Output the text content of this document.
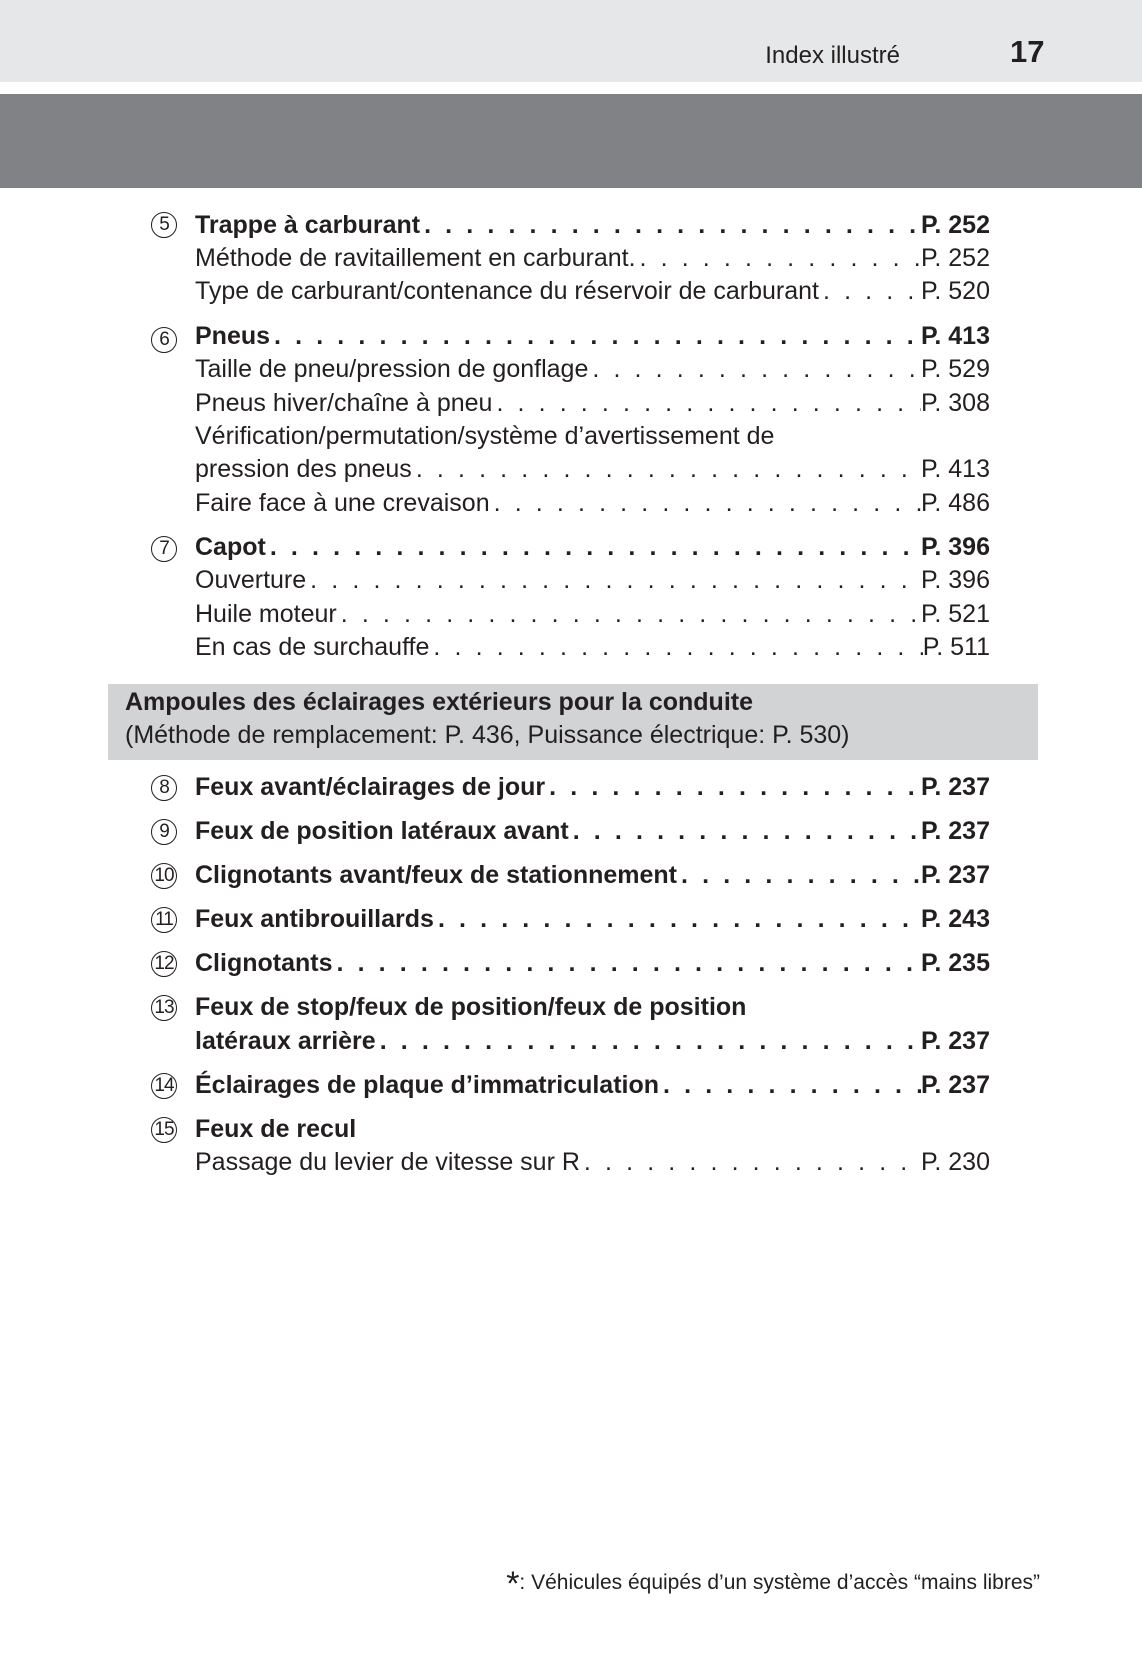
Index illustré	17
5	Trappe à carburant . . .	P. 252
Méthode de ravitaillement en carburant. . . .	P. 252
Type de carburant/contenance du réservoir de carburant . . .	P. 520
6	Pneus . . .	P. 413
Taille de pneu/pression de gonflage . . .	P. 529
Pneus hiver/chaîne à pneu . . .	P. 308
Vérification/permutation/système d’avertissement de
pression des pneus . . .	P. 413
Faire face à une crevaison . . .	P. 486
7	Capot . . .	P. 396
Ouverture . . .	P. 396
Huile moteur . . .	P. 521
En cas de surchauffe . . .	P. 511
Ampoules des éclairages extérieurs pour la conduite
(Méthode de remplacement: P. 436, Puissance électrique: P. 530)
8	Feux avant/éclairages de jour . . .	P. 237
9	Feux de position latéraux avant . . .	P. 237
10 Clignotants avant/feux de stationnement . . .	P. 237
11 Feux antibrouillards . . .	P. 243
12 Clignotants . . .	P. 235
13 Feux de stop/feux de position/feux de position
latéraux arrière . . .	P. 237
14 Éclairages de plaque d’immatriculation . . .	P. 237
15 Feux de recul
Passage du levier de vitesse sur R . . .	P. 230
*: Véhicules équipés d’un système d’accès “mains libres”
